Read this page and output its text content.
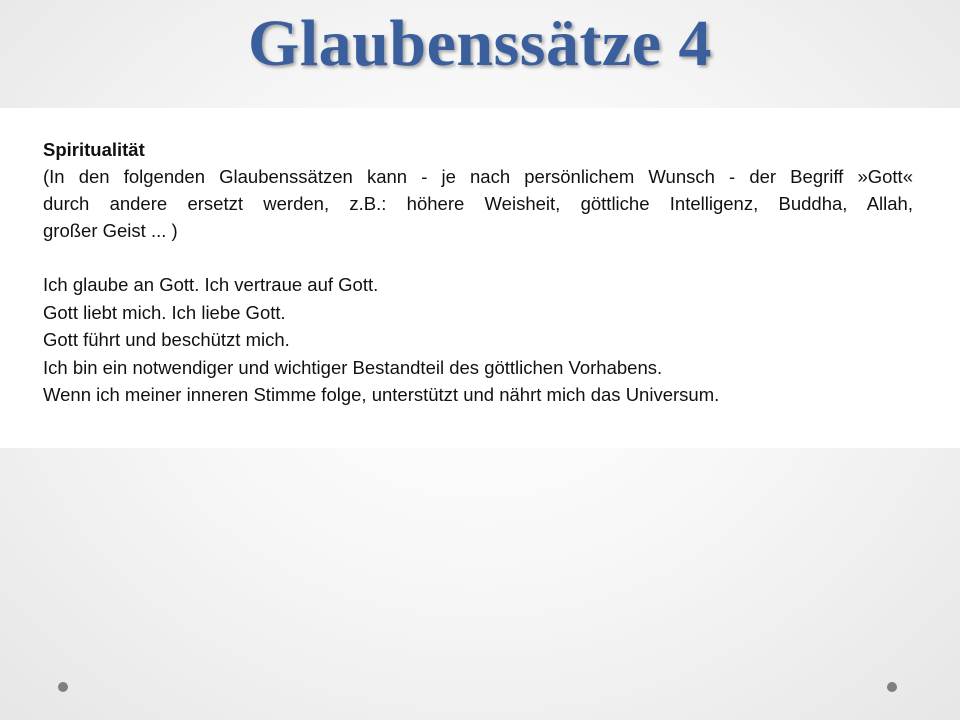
Glaubenssätze 4
Spiritualität
(In den folgenden Glaubenssätzen kann - je nach persönlichem Wunsch - der Begriff »Gott«
durch andere ersetzt werden, z.B.: höhere Weisheit, göttliche Intelligenz, Buddha, Allah,
großer Geist ... )
Ich glaube an Gott. Ich vertraue auf Gott.
Gott liebt mich. Ich liebe Gott.
Gott führt und beschützt mich.
Ich bin ein notwendiger und wichtiger Bestandteil des göttlichen Vorhabens.
Wenn ich meiner inneren Stimme folge, unterstützt und nährt mich das Universum.
